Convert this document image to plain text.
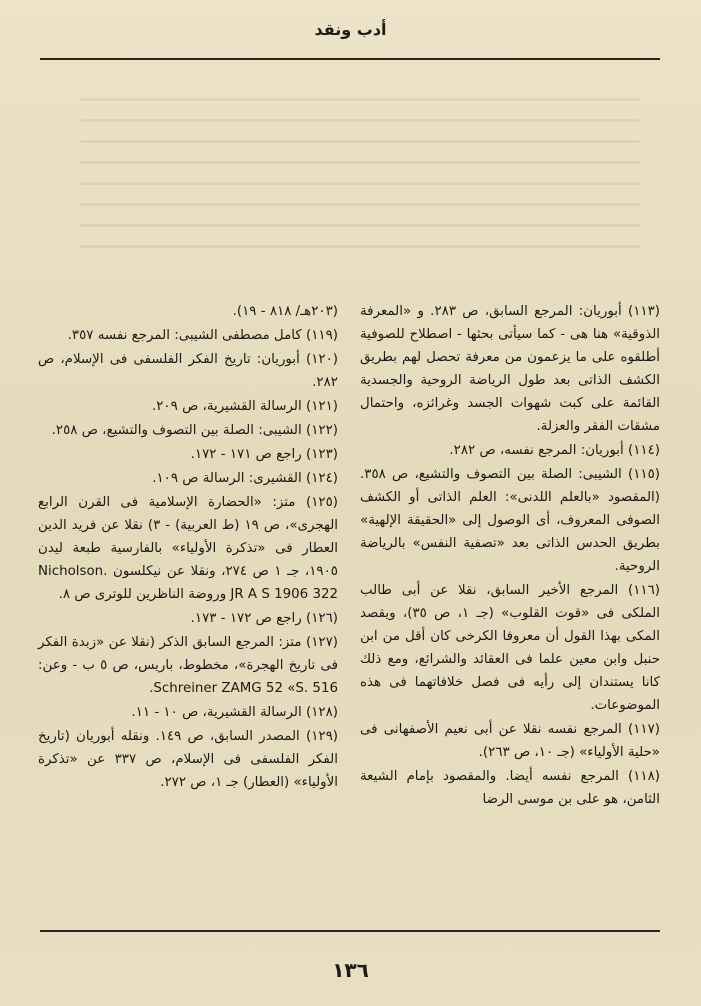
أدب ونقد

(١١٣) أبوريان: المرجع السابق، ص ٢٨٣. و «المعرفة الذوقية» هنا هى - كما سيأتى بحثها - اصطلاح للصوفية أطلقوه على ما يزعمون من معرفة تحصل لهم بطريق الكشف الذاتى بعد طول الرياضة الروحية والجسدية القائمة على كبت شهوات الجسد وغرائزه، واحتمال مشقات الفقر والعزلة.

(١١٤) أبوريان: المرجع نفسه، ص ٢٨٢.

(١١٥) الشيبى: الصلة بين التصوف والتشيع، ص ٣٥٨. (المقصود «بالعلم اللدنى»: العلم الذاتى أو الكشف الصوفى المعروف، أى الوصول إلى «الحقيقة الإلهية» بطريق الحدس الذاتى بعد «تصفية النفس» بالرياضة الروحية.

(١١٦) المرجع الأخير السابق، نقلا عن أبى طالب الملكى فى «قوت القلوب» (جـ ١، ص ٣٥)، ويقصد المكى بهذا القول أن معروفا الكرخى كان أقل من ابن حنبل وابن معين علما فى العقائد والشرائع، ومع ذلك كانا يستندان إلى رأيه فى فصل خلافاتهما فى هذه الموضوعات.

(١١٧) المرجع نفسه نقلا عن أبى نعيم الأصفهانى فى «حلية الأولياء» (جـ ١٠، ص ٢٦٣).

(١١٨) المرجع نفسه أيضا. والمقصود بإمام الشيعة الثامن، هو على بن موسى الرضا

(٢٠٣هـ/ ٨١٨ - ١٩).

(١١٩) كامل مصطفى الشيبى: المرجع نفسه ٣٥٧.

(١٢٠) أبوريان: تاريخ الفكر الفلسفى فى الإسلام، ص ٢٨٢.

(١٢١) الرسالة القشيرية، ص ٢٠٩.

(١٢٢) الشيبى: الصلة بين التصوف والتشيع، ص ٢٥٨.

(١٢٣) راجع ص ١٧١ - ١٧٢.

(١٢٤) القشيرى: الرسالة ص ١٠٩.

(١٢٥) متز: «الحضارة الإسلامية فى القرن الرابع الهجرى»، ص ١٩ (ط العربية) - ٣) نقلا عن فريد الدين العطار فى «تذكرة الأولياء» بالفارسية طبعة ليدن ١٩٠٥، جـ ١ ص ٢٧٤، ونقلا عن نيكلسون .Nicholson JR A S 1906 322 وروضة الناظرين للوترى ص ٨.

(١٢٦) راجع ص ١٧٢ - ١٧٣.

(١٢٧) متز: المرجع السابق الذكر (نقلا عن «زبدة الفكر فى تاريخ الهجرة»، مخطوط، باريس، ص ٥ ب - وعن: Schreiner ZAMG 52 «S. 516.

(١٢٨) الرسالة القشيرية، ص ١٠ - ١١.

(١٢٩) المصدر السابق، ص ١٤٩. ونقله أبوريان (تاريخ الفكر الفلسفى فى الإسلام، ص ٣٣٧ عن «تذكرة الأولياء» (العطار) جـ ١، ص ٢٧٢.

١٣٦
